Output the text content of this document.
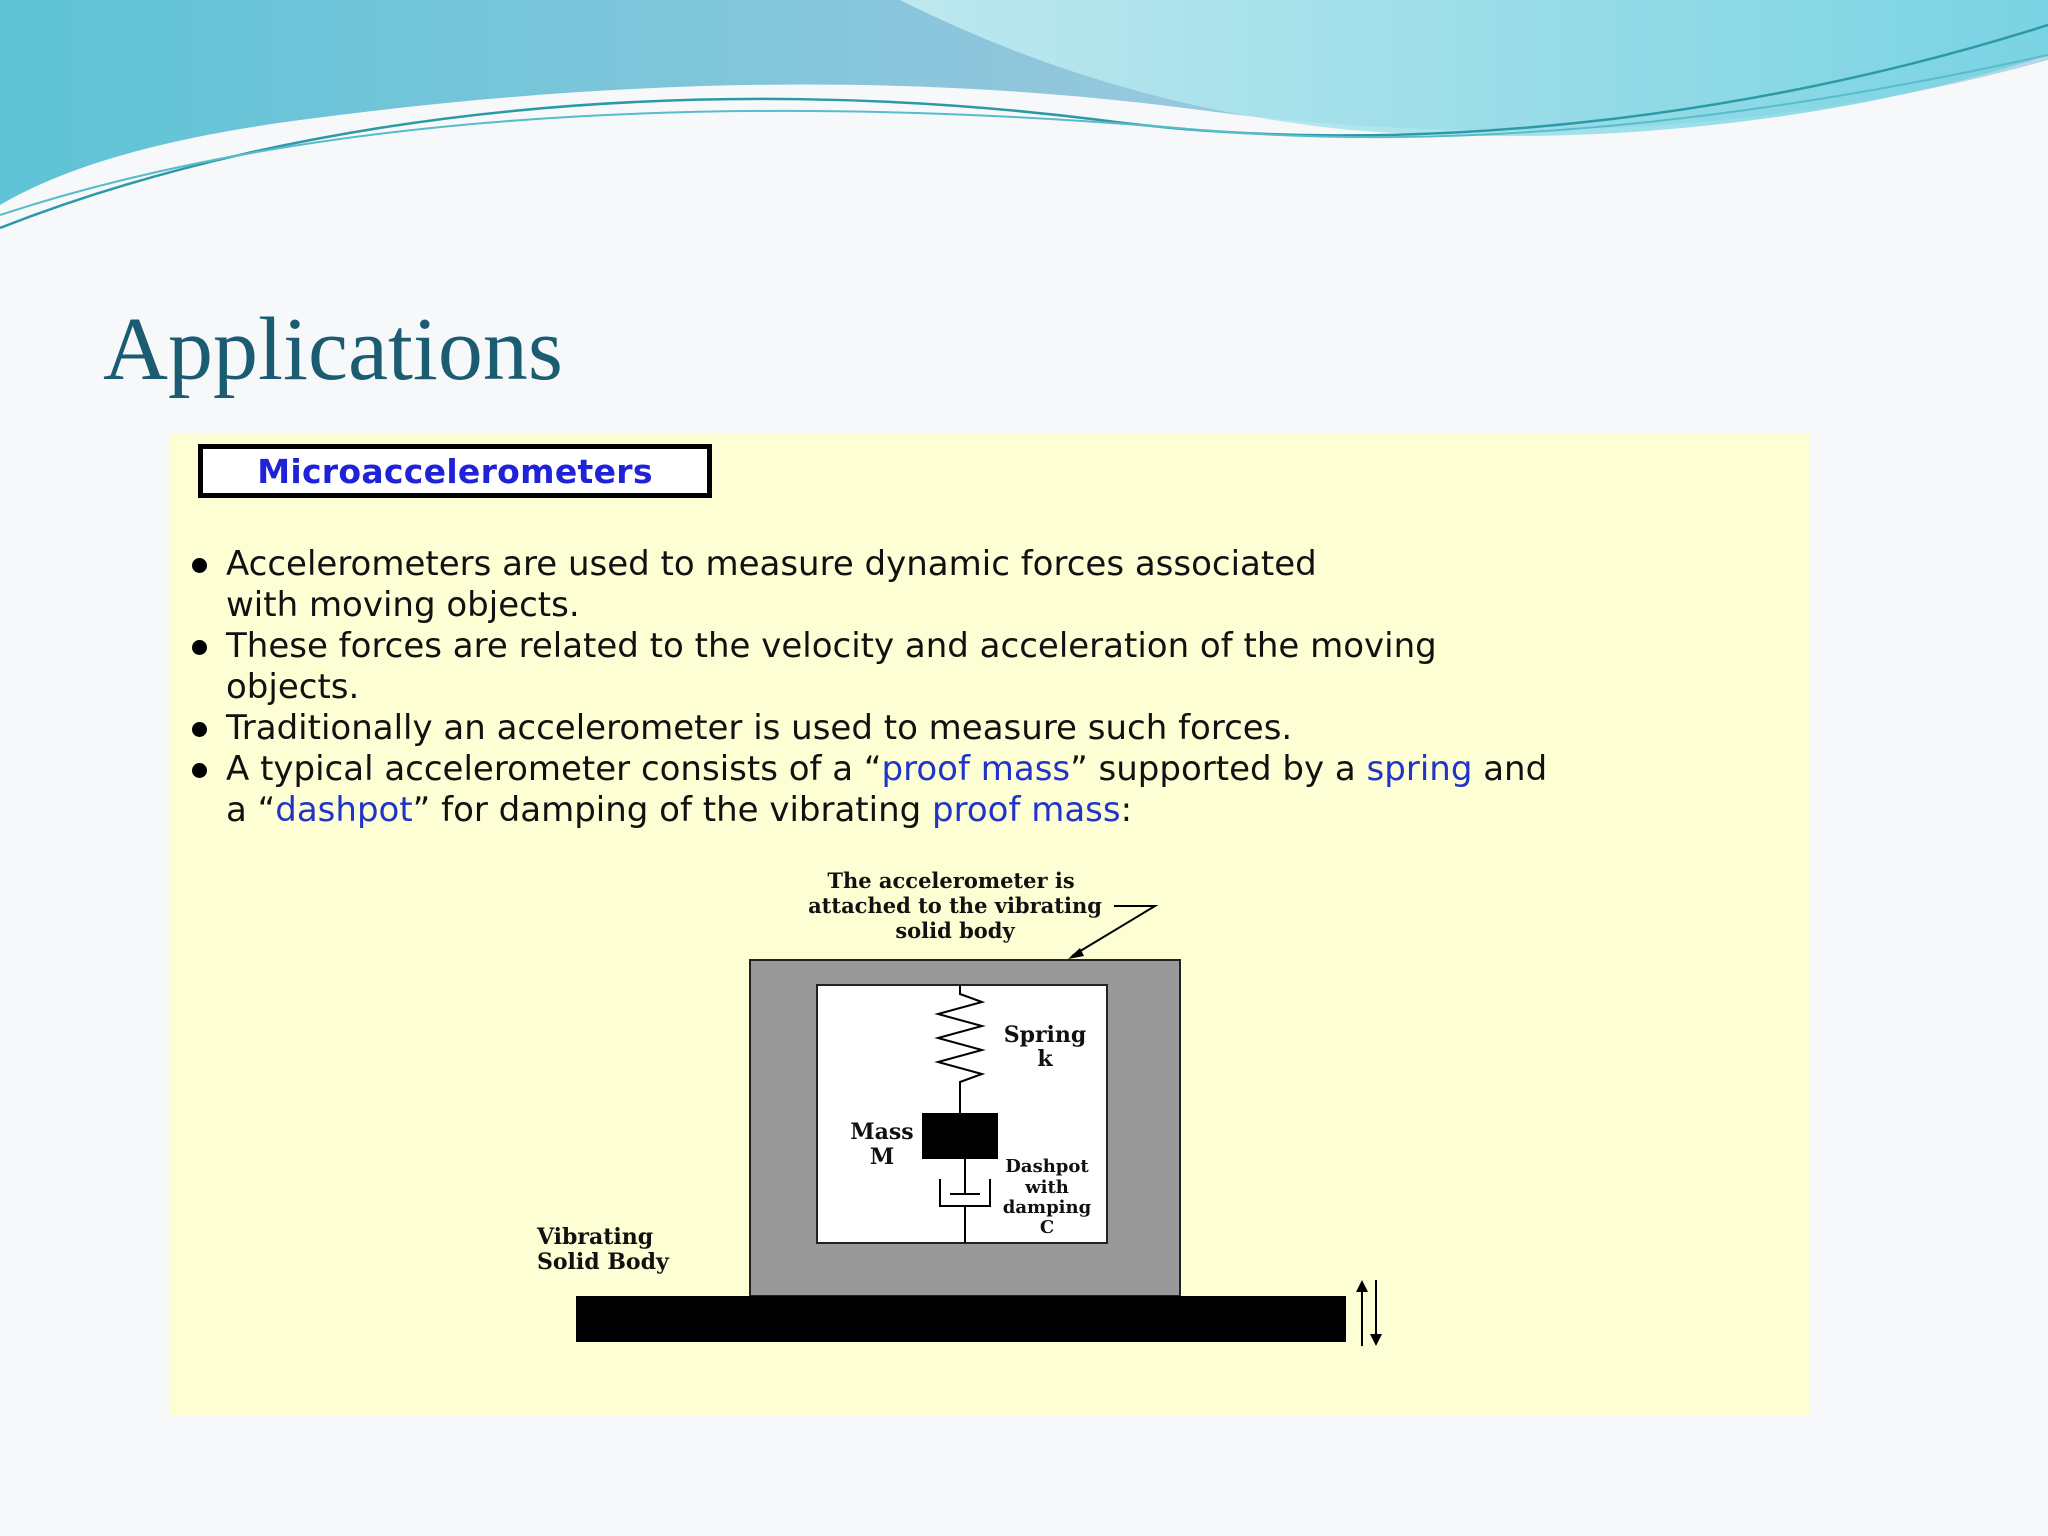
Applications
Microaccelerometers
Accelerometers are used to measure dynamic forces associated
with moving objects.
These forces are related to the velocity and acceleration of the moving
objects.
Traditionally an accelerometer is used to measure such forces.
A typical accelerometer consists of a “proof mass” supported by a spring and
a “dashpot” for damping of the vibrating proof mass:
The accelerometer is
attached to the vibrating
solid body
Spring
k
Mass
M	Dashpot
with
damping
C
Vibrating
Solid Body
